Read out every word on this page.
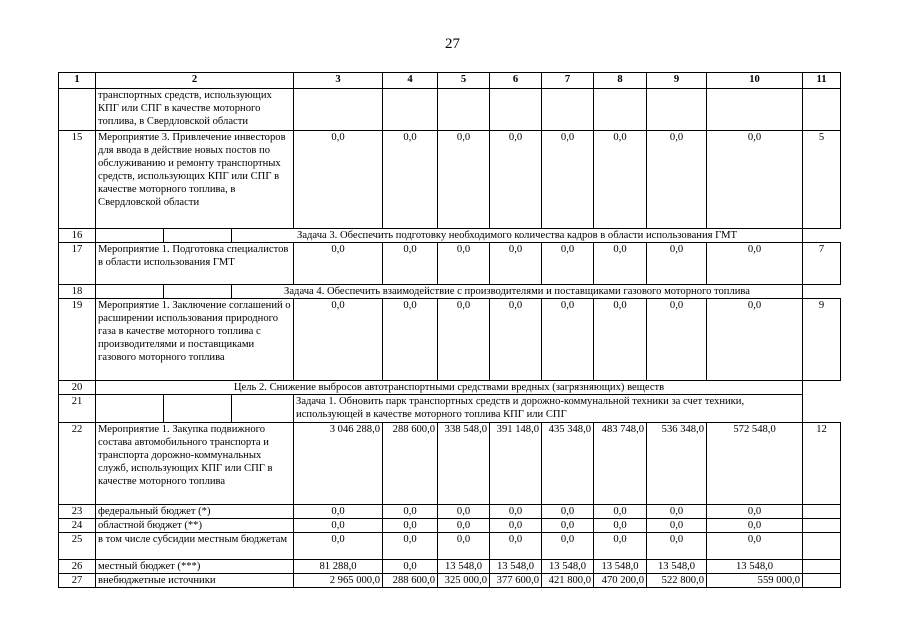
27
1	2			3	4	5	6	7	8	9	10	11
	транспортных средств, использующих КПГ или СПГ в качестве моторного топлива, в Свердловской области											
15	Мероприятие 3. Привлечение инвесторов для ввода в действие новых постов по обслуживанию и ремонту транспортных средств, использующих КПГ или СПГ в качестве моторного топлива, в Свердловской области			0,0	0,0	0,0	0,0	0,0	0,0	0,0	0,0	5
16			Задача 3. Обеспечить подготовку необходимого количества кадров в области использования ГМТ									
17	Мероприятие 1. Подготовка специалистов в области использования ГМТ			0,0	0,0	0,0	0,0	0,0	0,0	0,0	0,0	7
18			Задача 4. Обеспечить взаимодействие с производителями и поставщиками газового моторного топлива									
19	Мероприятие 1. Заключение соглашений о расширении использования природного газа в качестве моторного топлива с производителями и поставщиками газового моторного топлива			0,0	0,0	0,0	0,0	0,0	0,0	0,0	0,0	9
20	Цель 2. Снижение выбросов автотранспортными средствами вредных (загрязняющих) веществ											
21				Задача 1. Обновить парк транспортных средств и дорожно-коммунальной техники за счет техники, использующей в качестве моторного топлива КПГ или СПГ								
22	Мероприятие 1. Закупка подвижного состава автомобильного транспорта и транспорта дорожно-коммунальных служб, использующих КПГ или СПГ в качестве моторного топлива			3 046 288,0	288 600,0	338 548,0	391 148,0	435 348,0	483 748,0	536 348,0	572 548,0	12
23	федеральный бюджет (*)			0,0	0,0	0,0	0,0	0,0	0,0	0,0	0,0	
24	областной бюджет (**)			0,0	0,0	0,0	0,0	0,0	0,0	0,0	0,0	
25	в том числе субсидии местным бюджетам			0,0	0,0	0,0	0,0	0,0	0,0	0,0	0,0	
26	местный бюджет (***)			81 288,0	0,0	13 548,0	13 548,0	13 548,0	13 548,0	13 548,0	13 548,0	
27	внебюджетные источники			2 965 000,0	288 600,0	325 000,0	377 600,0	421 800,0	470 200,0	522 800,0	559 000,0	
